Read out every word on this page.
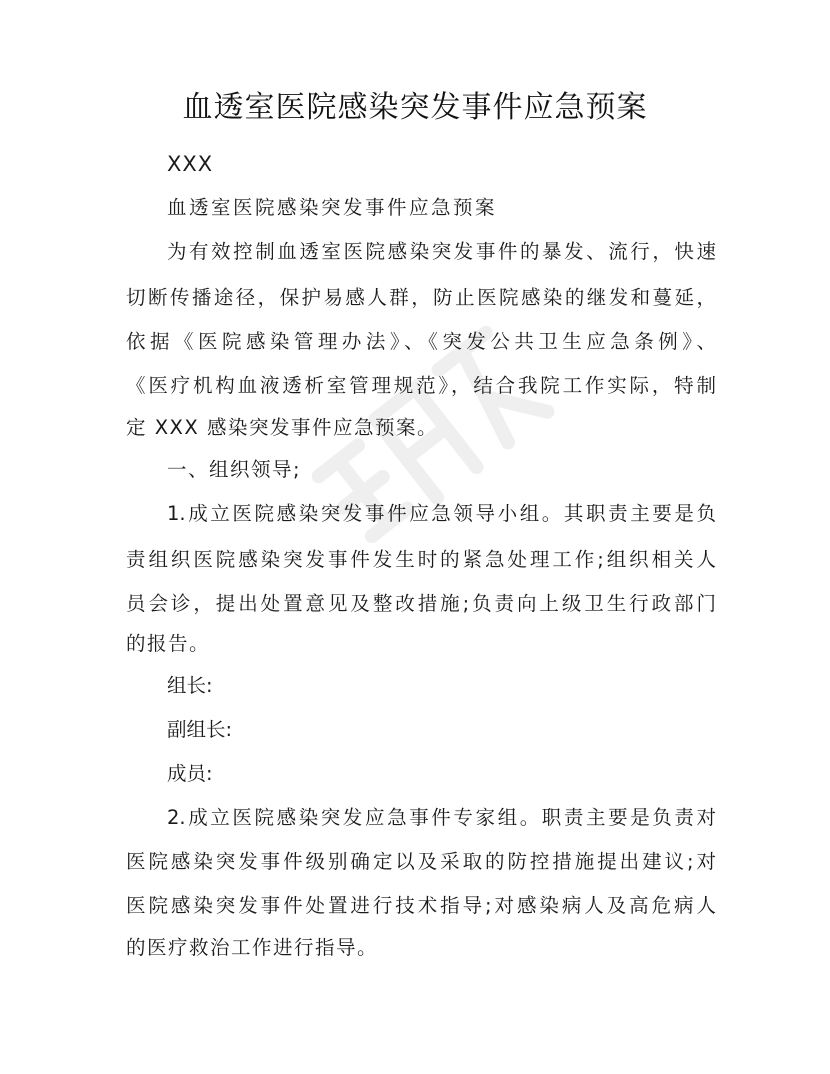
血透室医院感染突发事件应急预案
XXX
血透室医院感染突发事件应急预案
为有效控制血透室医院感染突发事件的暴发、流行，快速
切断传播途径，保护易感人群，防止医院感染的继发和蔓延，
依据《医院感染管理办法》、《突发公共卫生应急条例》、
《医疗机构血液透析室管理规范》，结合我院工作实际，特制
定 XXX 感染突发事件应急预案。
一、组织领导;
1.成立医院感染突发事件应急领导小组。其职责主要是负
责组织医院感染突发事件发生时的紧急处理工作;组织相关人
员会诊，提出处置意见及整改措施;负责向上级卫生行政部门
的报告。
组长:
副组长:
成员:
2.成立医院感染突发应急事件专家组。职责主要是负责对
医院感染突发事件级别确定以及采取的防控措施提出建议;对
医院感染突发事件处置进行技术指导;对感染病人及高危病人
的医疗救治工作进行指导。
